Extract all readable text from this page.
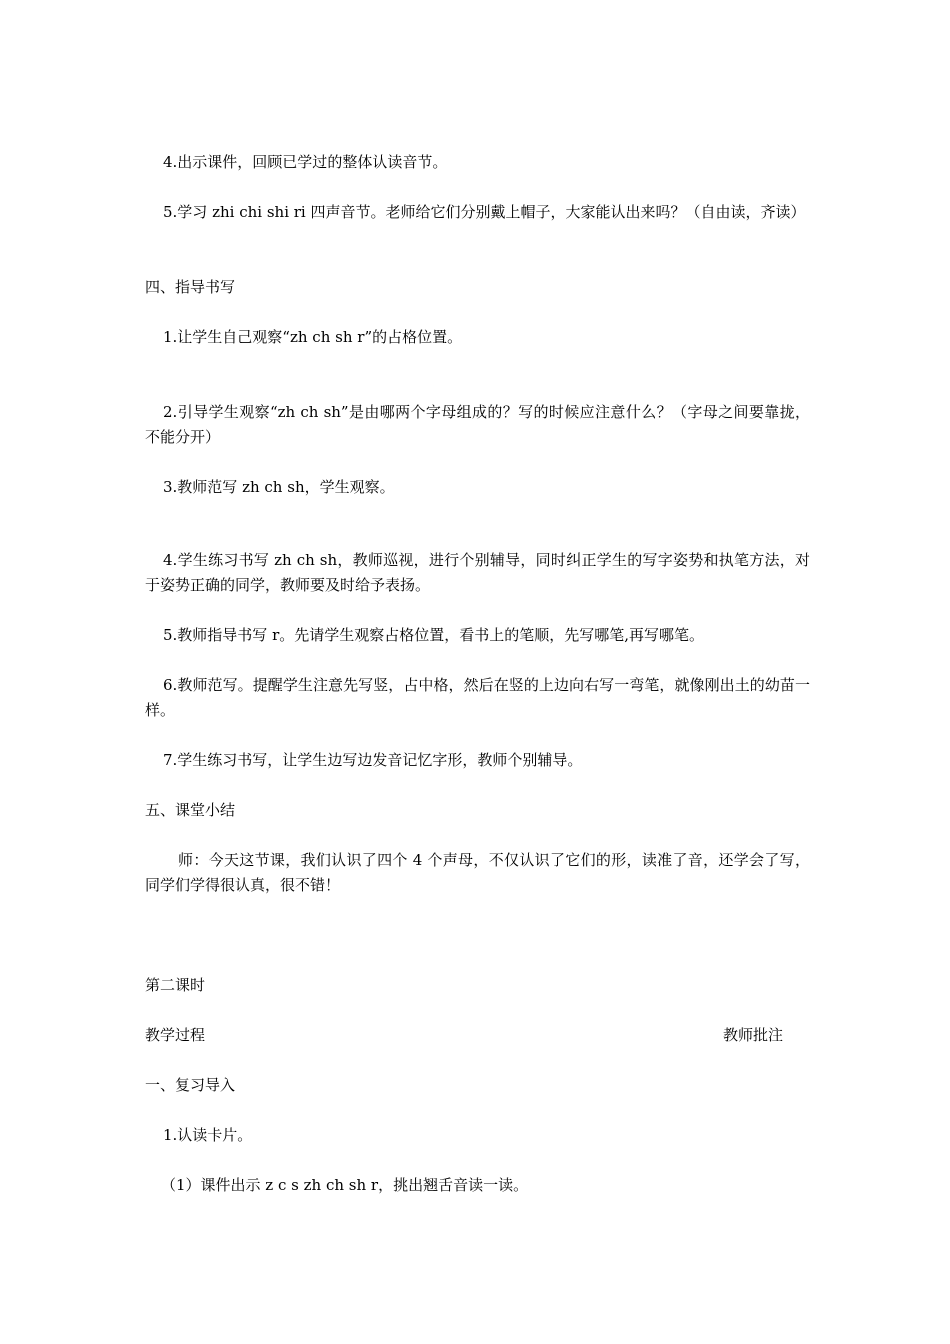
4.出示课件，回顾已学过的整体认读音节。

5.学习 zhi chi shi ri 四声音节。老师给它们分别戴上帽子，大家能认出来吗？（自由读，齐读）

四、指导书写

1.让学生自己观察“zh ch sh r”的占格位置。

2.引导学生观察“zh ch sh”是由哪两个字母组成的？写的时候应注意什么？（字母之间要靠拢，不能分开）

3.教师范写 zh ch sh，学生观察。

4.学生练习书写 zh ch sh，教师巡视，进行个别辅导，同时纠正学生的写字姿势和执笔方法，对于姿势正确的同学，教师要及时给予表扬。

5.教师指导书写 r。先请学生观察占格位置，看书上的笔顺，先写哪笔,再写哪笔。

6.教师范写。提醒学生注意先写竖，占中格，然后在竖的上边向右写一弯笔，就像刚出土的幼苗一样。

7.学生练习书写，让学生边写边发音记忆字形，教师个别辅导。

五、课堂小结

师：今天这节课，我们认识了四个 4 个声母，不仅认识了它们的形，读准了音，还学会了写，同学们学得很认真，很不错！

第二课时

教学过程	教师批注

一、复习导入

1.认读卡片。

（1）课件出示 z c s zh ch sh r，挑出翘舌音读一读。
